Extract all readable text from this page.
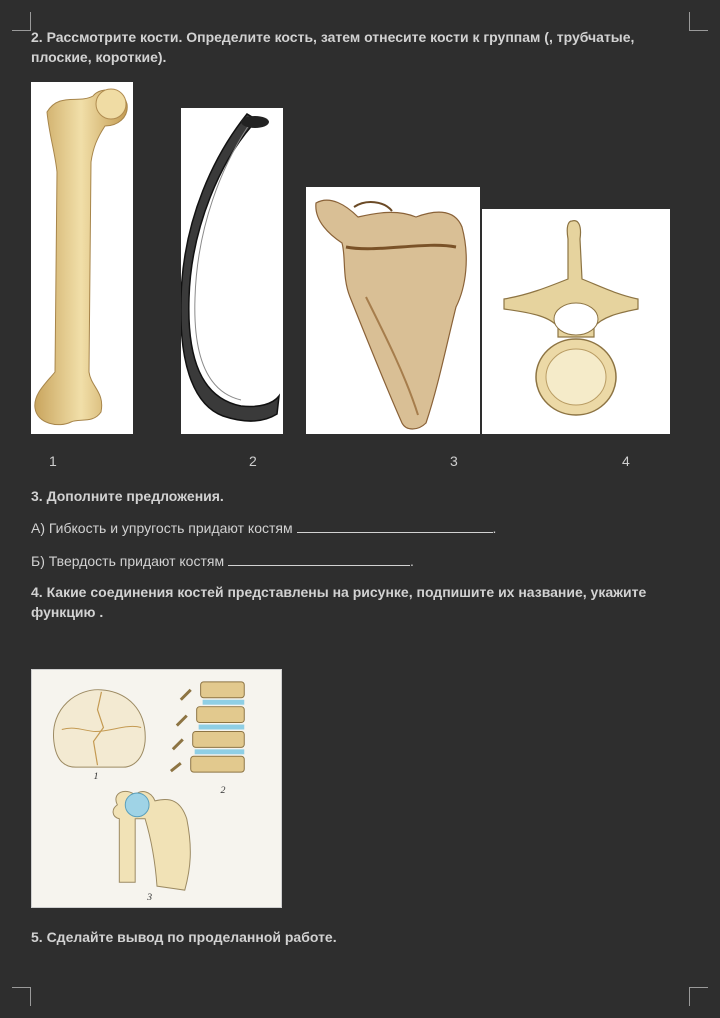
2. Рассмотрите кости. Определите кость, затем отнесите кости к группам (, трубчатые, плоские, короткие).
1	2	3	4
3. Дополните предложения.
А) Гибкость и упругость придают костям	.
Б) Твердость придают костям	.
4. Какие соединения костей представлены на рисунке, подпишите их название, укажите функцию .
1
2
3
5. Сделайте вывод по проделанной работе.
